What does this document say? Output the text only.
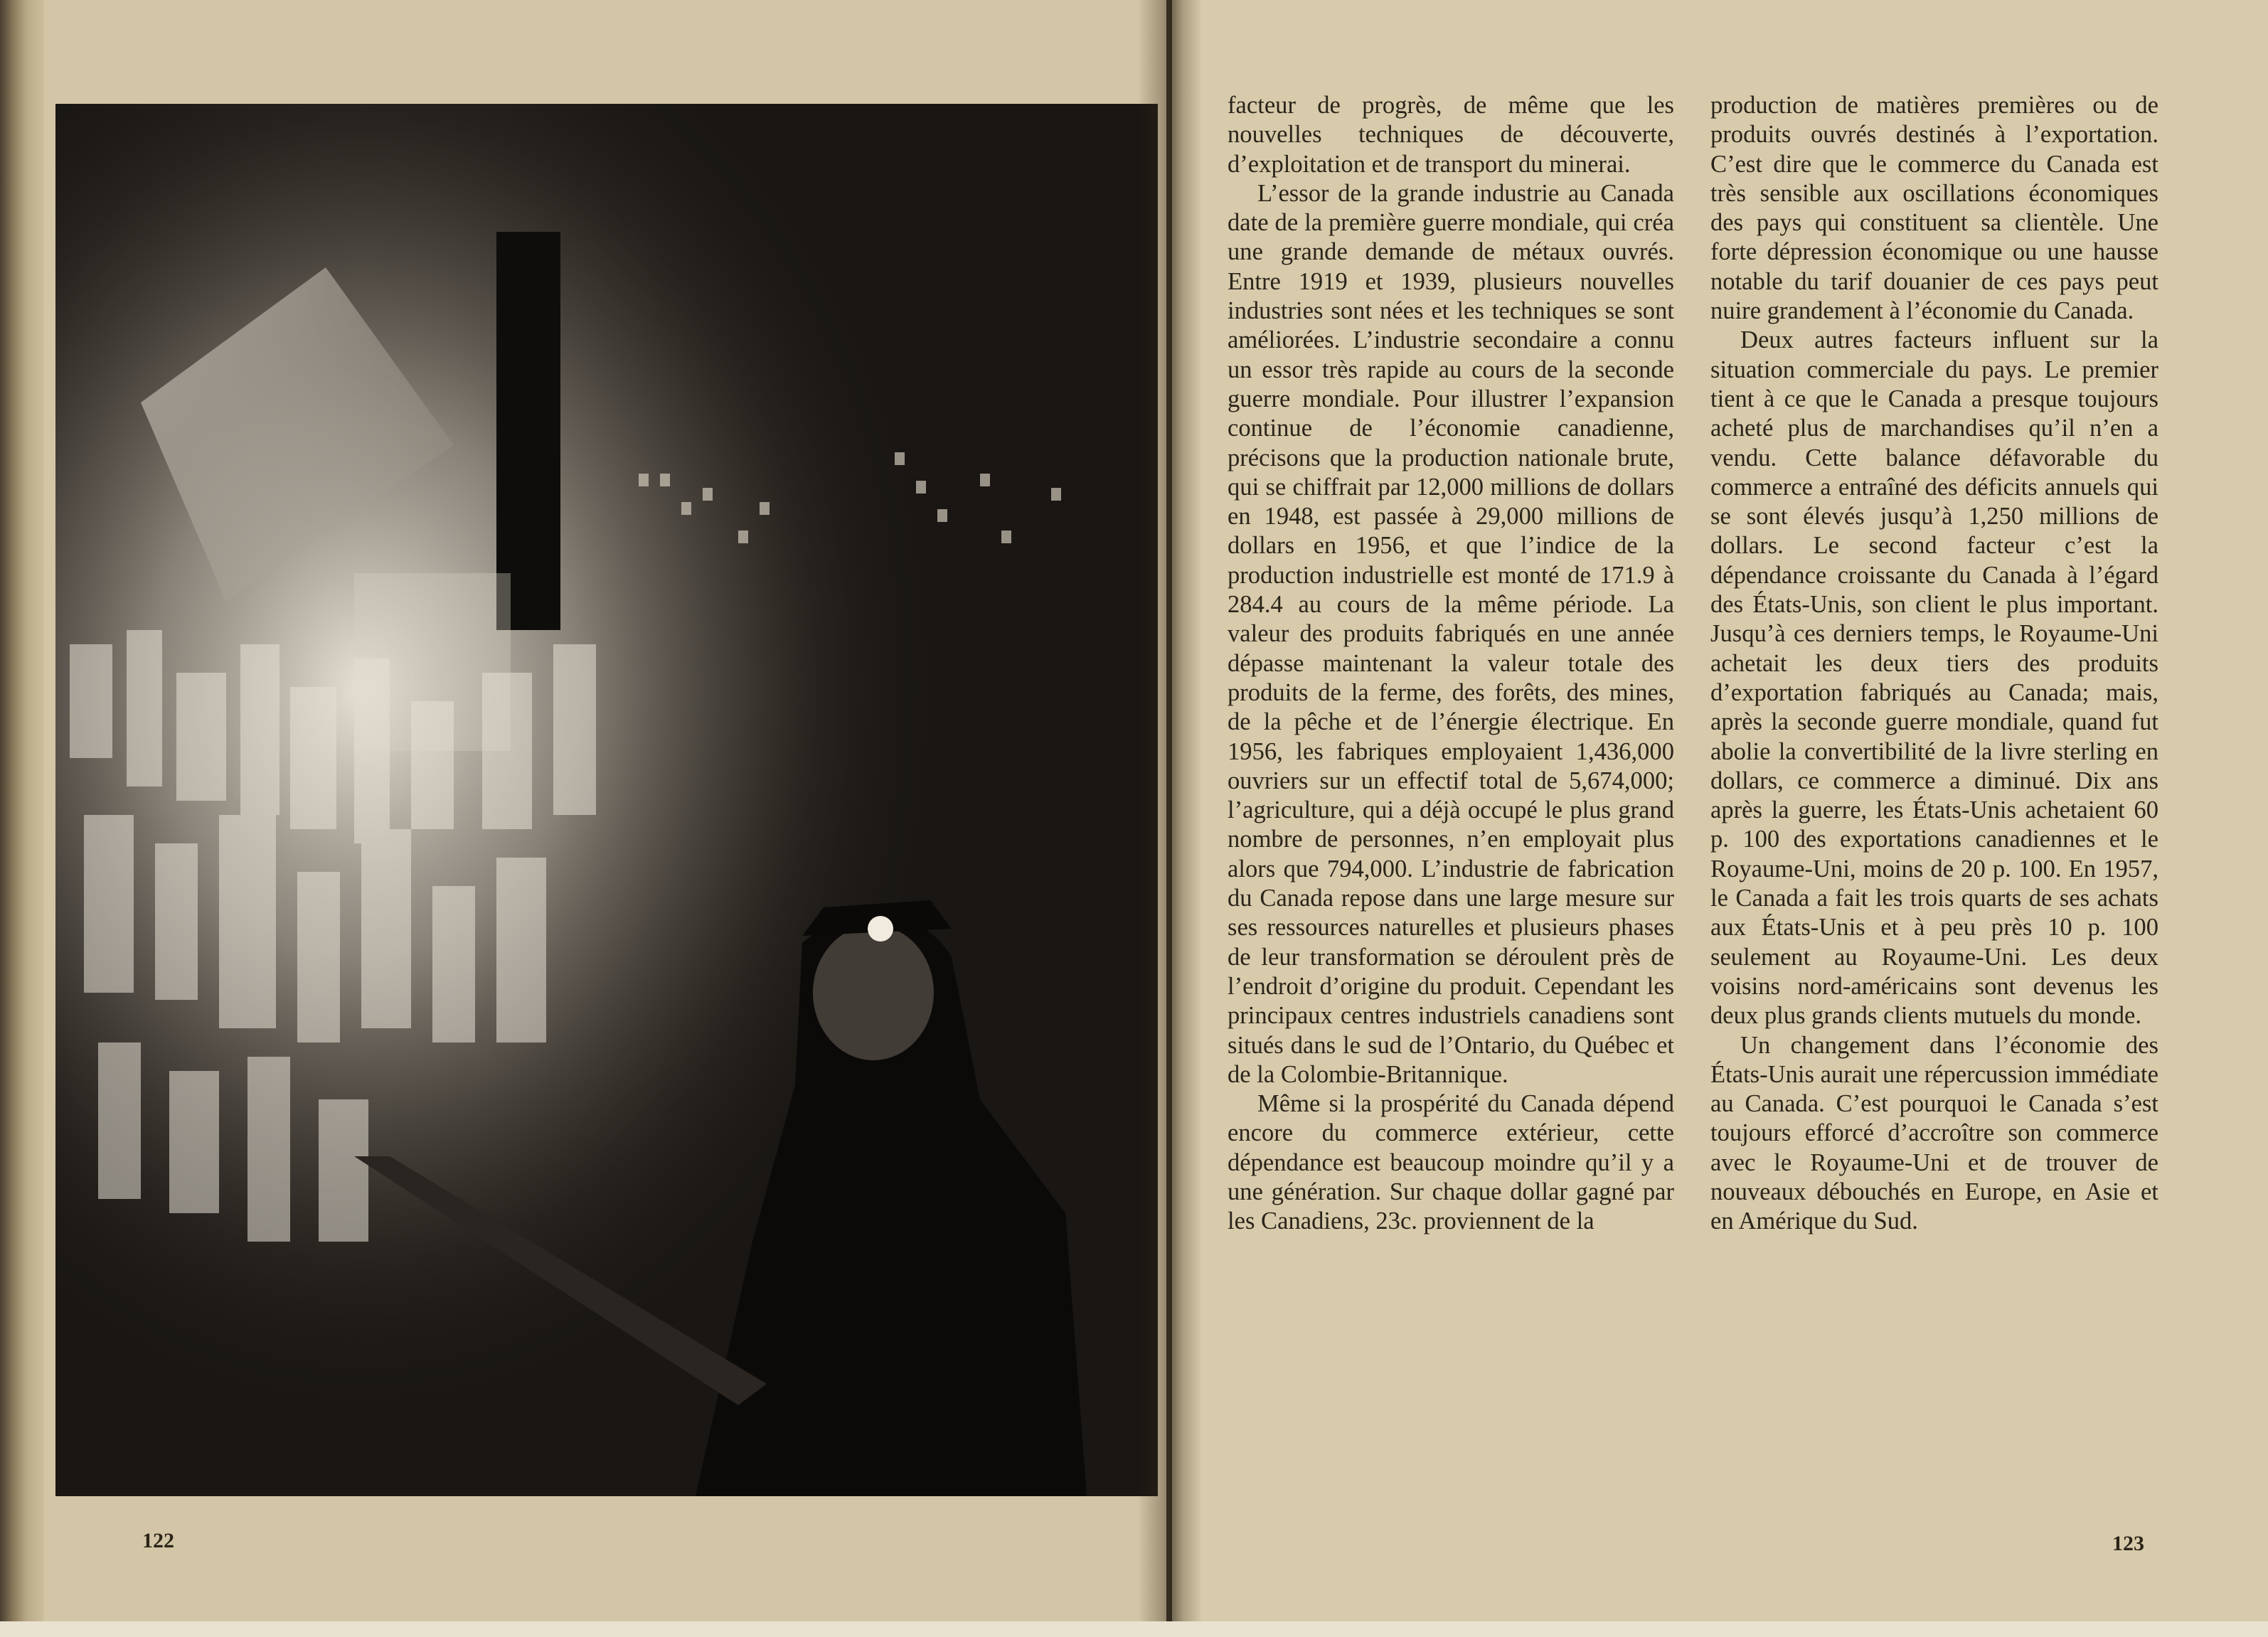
122

facteur de progrès, de même que les nouvelles techniques de découverte, d’exploitation et de transport du minerai.

L’essor de la grande industrie au Canada date de la première guerre mondiale, qui créa une grande demande de métaux ouvrés. Entre 1919 et 1939, plusieurs nouvelles industries sont nées et les techniques se sont améliorées. L’industrie secondaire a connu un essor très rapide au cours de la seconde guerre mondiale. Pour illustrer l’expansion continue de l’économie canadienne, précisons que la production nationale brute, qui se chiffrait par 12,000 millions de dollars en 1948, est passée à 29,000 millions de dollars en 1956, et que l’indice de la production industrielle est monté de 171.9 à 284.4 au cours de la même période. La valeur des produits fabriqués en une année dépasse maintenant la valeur totale des produits de la ferme, des forêts, des mines, de la pêche et de l’énergie électrique. En 1956, les fabriques employaient 1,436,000 ouvriers sur un effectif total de 5,674,000; l’agriculture, qui a déjà occupé le plus grand nombre de personnes, n’en employait plus alors que 794,000. L’industrie de fabrication du Canada repose dans une large mesure sur ses ressources naturelles et plusieurs phases de leur transformation se déroulent près de l’endroit d’origine du produit. Cependant les principaux centres industriels canadiens sont situés dans le sud de l’Ontario, du Québec et de la Colombie-Britannique.

Même si la prospérité du Canada dépend encore du commerce extérieur, cette dépendance est beaucoup moindre qu’il y a une génération. Sur chaque dollar gagné par les Canadiens, 23c. proviennent de la

production de matières premières ou de produits ouvrés destinés à l’exportation. C’est dire que le commerce du Canada est très sensible aux oscillations économiques des pays qui constituent sa clientèle. Une forte dépression économique ou une hausse notable du tarif douanier de ces pays peut nuire grandement à l’économie du Canada.

Deux autres facteurs influent sur la situation commerciale du pays. Le premier tient à ce que le Canada a presque toujours acheté plus de marchandises qu’il n’en a vendu. Cette balance défavorable du commerce a entraîné des déficits annuels qui se sont élevés jusqu’à 1,250 millions de dollars. Le second facteur c’est la dépendance croissante du Canada à l’égard des États-Unis, son client le plus important. Jusqu’à ces derniers temps, le Royaume-Uni achetait les deux tiers des produits d’exportation fabriqués au Canada; mais, après la seconde guerre mondiale, quand fut abolie la convertibilité de la livre sterling en dollars, ce commerce a diminué. Dix ans après la guerre, les États-Unis achetaient 60 p. 100 des exportations canadiennes et le Royaume-Uni, moins de 20 p. 100. En 1957, le Canada a fait les trois quarts de ses achats aux États-Unis et à peu près 10 p. 100 seulement au Royaume-Uni. Les deux voisins nord-américains sont devenus les deux plus grands clients mutuels du monde.

Un changement dans l’économie des États-Unis aurait une répercussion immédiate au Canada. C’est pourquoi le Canada s’est toujours efforcé d’accroître son commerce avec le Royaume-Uni et de trouver de nouveaux débouchés en Europe, en Asie et en Amérique du Sud.

123
